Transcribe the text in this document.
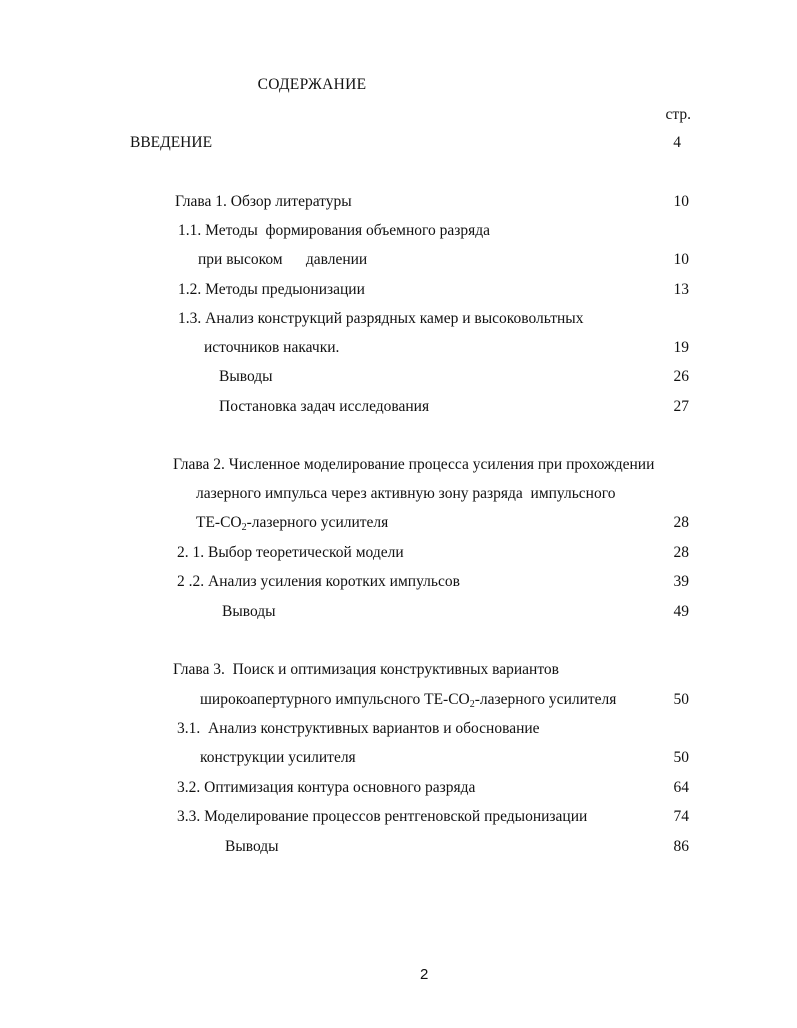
СОДЕРЖАНИЕ
стр.
ВВЕДЕНИЕ	4
Глава 1. Обзор литературы	10
1.1. Методы  формирования объемного разряда
при высоком      давлении	10
1.2. Методы предыонизации	13
1.3. Анализ конструкций разрядных камер и высоковольтных
источников накачки.	19
Выводы	26
Постановка задач исследования	27
Глава 2. Численное моделирование процесса усиления при прохождении
лазерного импульса через активную зону разряда  импульсного
$ТЕ-CO_2$-лазерного усилителя	28
2. 1. Выбор теоретической модели	28
2 .2. Анализ усиления коротких импульсов	39
Выводы	49
Глава 3.  Поиск и оптимизация конструктивных вариантов
широкоапертурного импульсного $ТЕ-CO_2$-лазерного усилителя	50
3.1.  Анализ конструктивных вариантов и обоснование
конструкции усилителя	50
3.2. Оптимизация контура основного разряда	64
3.3. Моделирование процессов рентгеновской предыонизации	74
Выводы	86
2
